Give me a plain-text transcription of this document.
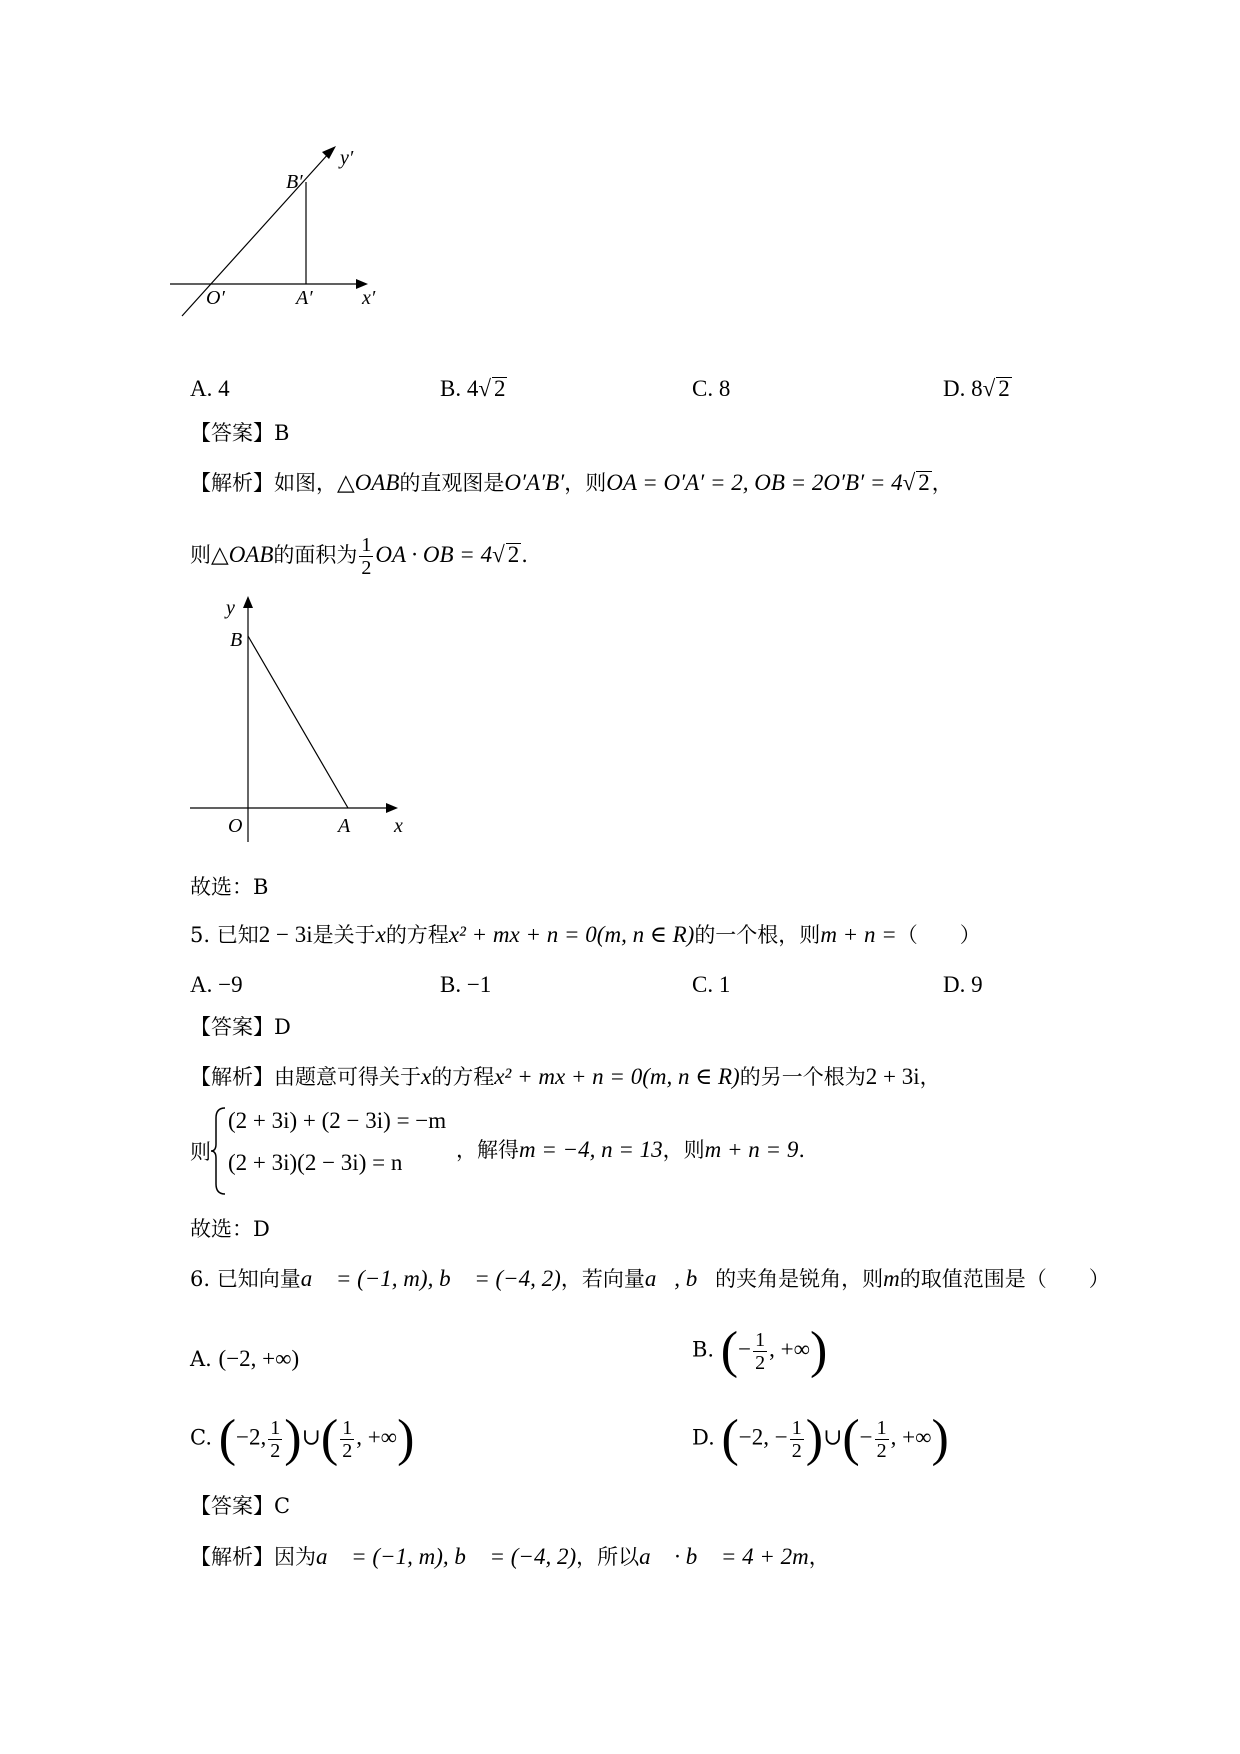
y′
B′
O′	A′ x′
A. 4	B. 4√ 2	C. 8	D. 8√ 2
【答案】B
【解析】如图，△OAB的直观图是O′A′B′，则OA = O′A′ = 2, OB = 2O′B′ = 4√ 2，
则△OAB的面积为 $\frac{1}{2}$ OA · OB = 4√ 2.
y
B
O	A x
故选：B
5. 已知2 − 3i是关于x的方程x² + mx + n = 0(m, n ∈ R)的一个根，则m + n =（　　）
A. −9	B. −1	C. 1	D. 9
【答案】D
【解析】由题意可得关于x的方程x² + mx + n = 0(m, n ∈ R)的另一个根为2 + 3i，
则
(2 + 3i) + (2 − 3i) = −m
(2 + 3i)(2 − 3i) = n	，解得m = −4, n = 13，则m + n = 9.
故选：D
6. 已知向量a⃗ = (−1, m), b⃗ = (−4, 2)，若向量a⃗, b⃗的夹角是锐角，则m的取值范围是（　　）
A. (−2, +∞)	B. (− $\frac{1}{2}$ , +∞)
C. (−2, $\frac{1}{2}$ )∪( $\frac{1}{2}$ , +∞)	D. (−2, − $\frac{1}{2}$ )∪(− $\frac{1}{2}$ , +∞)
【答案】C
【解析】因为a⃗ = (−1, m), b⃗ = (−4, 2)，所以a⃗ · b⃗ = 4 + 2m，
